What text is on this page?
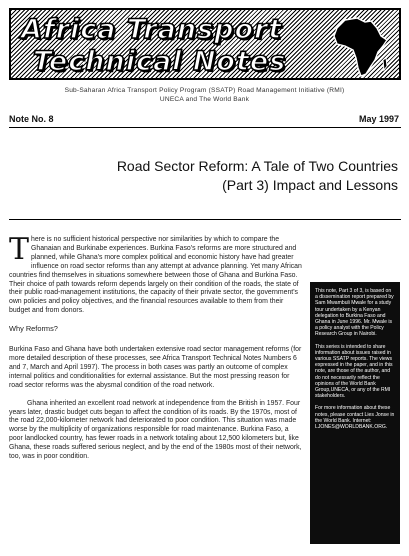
Africa Transport
Technical Notes
Sub-Saharan Africa Transport Policy Program (SSATP) Road Management Initiative (RMI)
UNECA and The World Bank
Note No. 8	May 1997
Road Sector Reform: A Tale of Two Countries
(Part 3) Impact and Lessons
T here is no sufficient historical perspective nor similarities by which to compare the Ghanaian and Burkinabe experiences. Burkina Faso's reforms are more structured and planned, while Ghana's more complex political and economic history have had greater influence on road sector reforms than any attempt at advance planning. Yet many African countries find themselves in situations somewhere between those of Ghana and Burkina Faso. Their choice of path towards reform depends largely on their condition of the roads, the state of their public road-management institutions, the capacity of their private sector, the government's own policies and policy objectives, and the financial resources available to them from their budget and from donors.
Why Reforms?
Burkina Faso and Ghana have both undertaken extensive road sector management reforms (for more detailed description of these processes, see Africa Transport Technical Notes Numbers 6 and 7, March and April 1997). The process in both cases was partly an outcome of complex internal politics and conditionalities for external assistance. But the most pressing reason for road sector reforms was the abysmal condition of the road network.
Ghana inherited an excellent road network at independence from the British in 1957. Four years later, drastic budget cuts began to affect the condition of its roads. By the 1970s, most of the road 22,000-kilometer network had deteriorated to poor condition. This situation was made worse by the multiplicity of organizations responsible for road maintenance. Burkina Faso, a poor landlocked country, has fewer roads in a network totaling about 12,500 kilometers but, like Ghana, these roads suffered serious neglect, and by the end of the 1980s most of their network, too, was in poor condition.

This note, Part 3 of 3, is based on a dissemination report prepared by Sam Mwambuli Mwale for a study tour undertaken by a Kenyan delegation to Burkina Faso and Ghana in June 1996. Mr. Mwale is a policy analyst with the Policy Research Group in Nairobi.

This series is intended to share information about issues raised in various SSATP reports. The views expressed in the paper, and in this note, are those of the author, and do not necessarily reflect the opinions of the World Bank Group,UNECA, or any of the RMI stakeholders.

For more information about these notes, please contact Lies Jonse in the World Bank. Internet: LJONES@WORLDBANK.ORG.
